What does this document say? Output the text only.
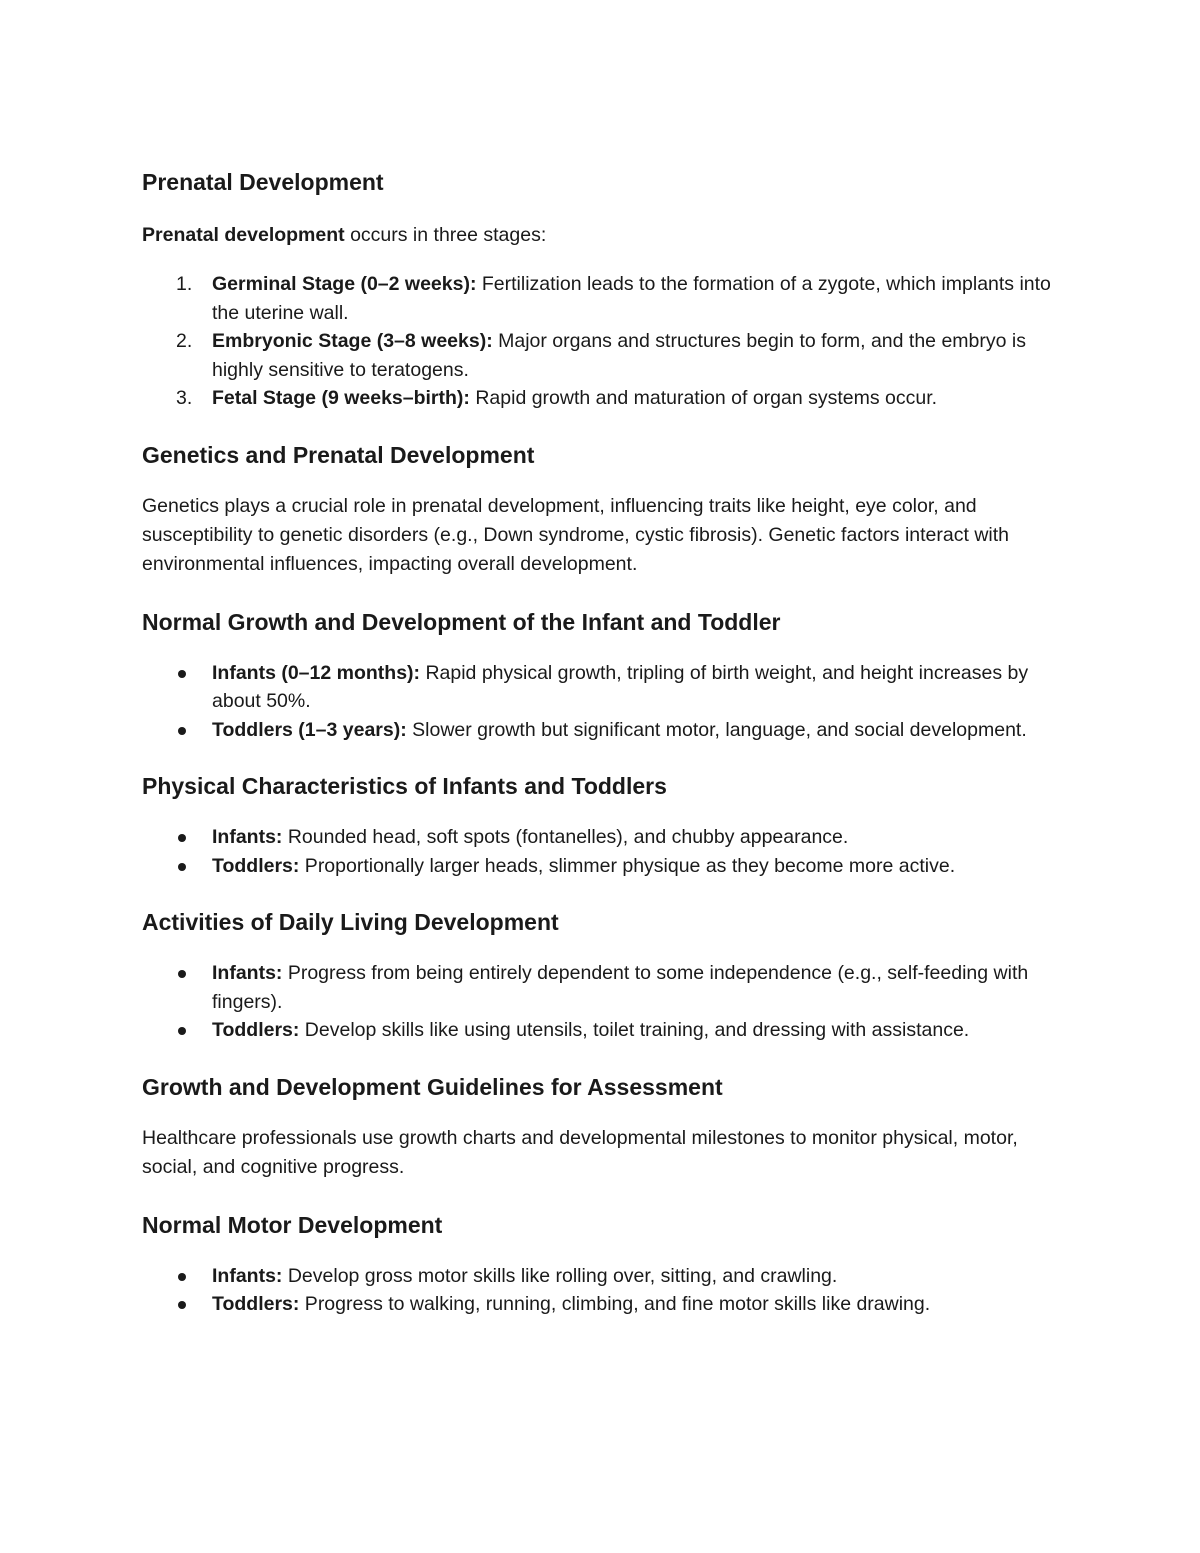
Prenatal Development

Prenatal development occurs in three stages:

1. Germinal Stage (0–2 weeks): Fertilization leads to the formation of a zygote, which implants into the uterine wall.
2. Embryonic Stage (3–8 weeks): Major organs and structures begin to form, and the embryo is highly sensitive to teratogens.
3. Fetal Stage (9 weeks–birth): Rapid growth and maturation of organ systems occur.
Genetics and Prenatal Development

Genetics plays a crucial role in prenatal development, influencing traits like height, eye color, and susceptibility to genetic disorders (e.g., Down syndrome, cystic fibrosis). Genetic factors interact with environmental influences, impacting overall development.

Normal Growth and Development of the Infant and Toddler
Infants (0–12 months): Rapid physical growth, tripling of birth weight, and height increases by about 50%.
Toddlers (1–3 years): Slower growth but significant motor, language, and social development.
Physical Characteristics of Infants and Toddlers
Infants: Rounded head, soft spots (fontanelles), and chubby appearance.
Toddlers: Proportionally larger heads, slimmer physique as they become more active.
Activities of Daily Living Development
Infants: Progress from being entirely dependent to some independence (e.g., self-feeding with fingers).
Toddlers: Develop skills like using utensils, toilet training, and dressing with assistance.
Growth and Development Guidelines for Assessment

Healthcare professionals use growth charts and developmental milestones to monitor physical, motor, social, and cognitive progress.

Normal Motor Development
Infants: Develop gross motor skills like rolling over, sitting, and crawling.
Toddlers: Progress to walking, running, climbing, and fine motor skills like drawing.
